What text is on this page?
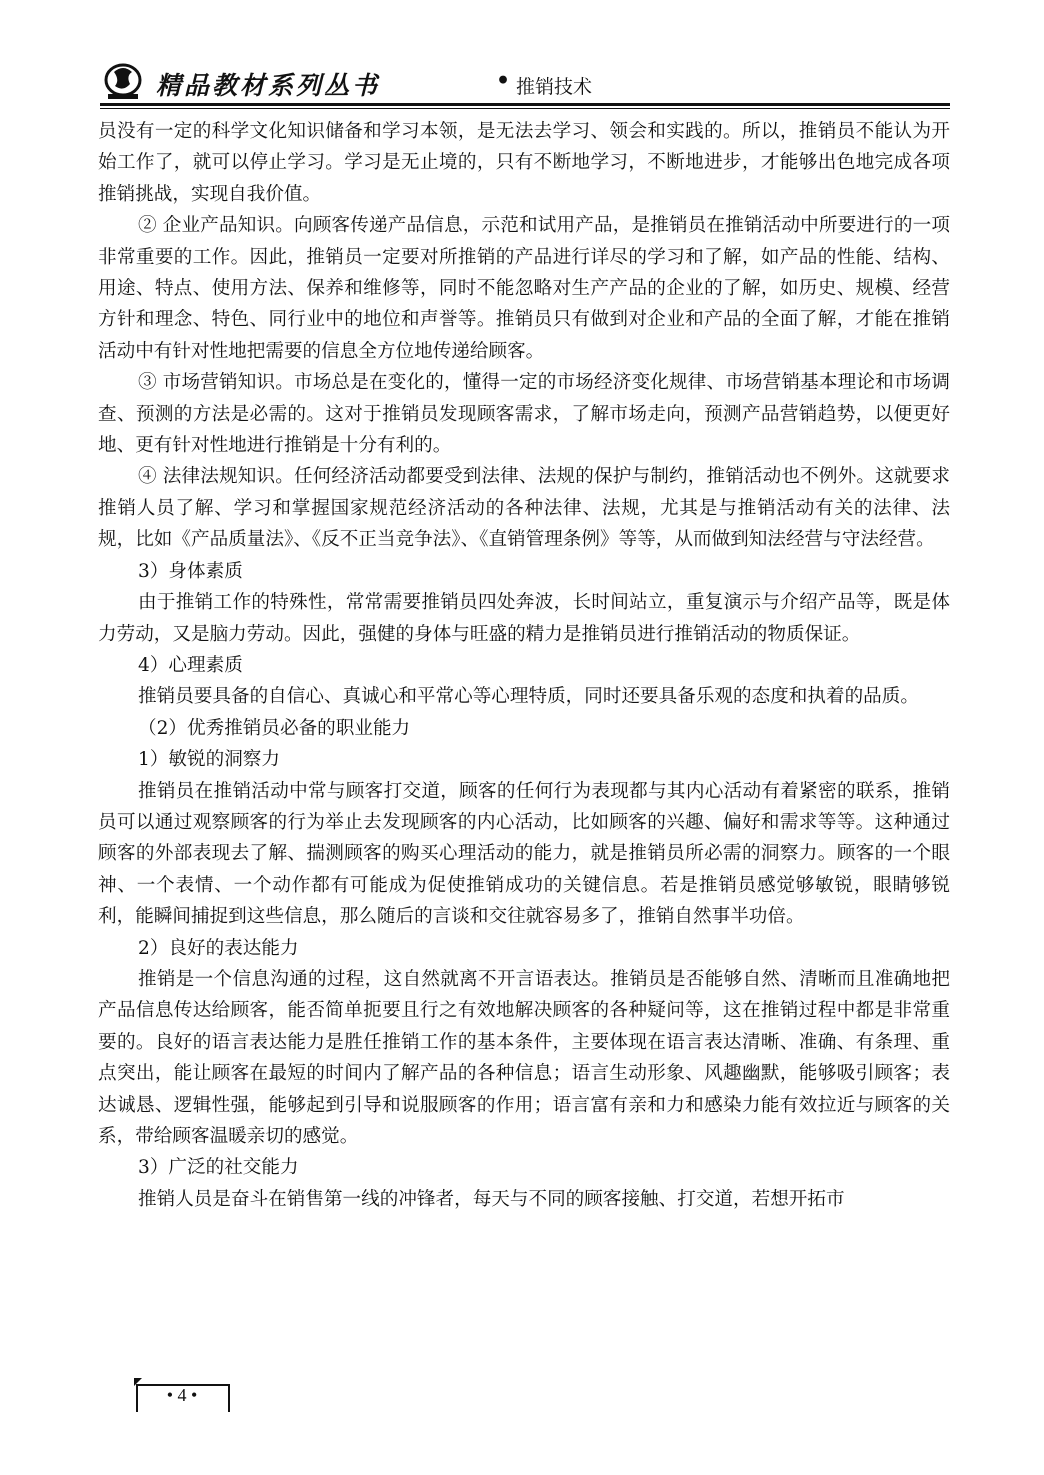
精品教材系列丛书	• 推销技术

员没有一定的科学文化知识储备和学习本领，是无法去学习、领会和实践的。所以，推销员不能认为开始工作了，就可以停止学习。学习是无止境的，只有不断地学习，不断地进步，才能够出色地完成各项推销挑战，实现自我价值。

② 企业产品知识。向顾客传递产品信息，示范和试用产品，是推销员在推销活动中所要进行的一项非常重要的工作。因此，推销员一定要对所推销的产品进行详尽的学习和了解，如产品的性能、结构、用途、特点、使用方法、保养和维修等，同时不能忽略对生产产品的企业的了解，如历史、规模、经营方针和理念、特色、同行业中的地位和声誉等。推销员只有做到对企业和产品的全面了解，才能在推销活动中有针对性地把需要的信息全方位地传递给顾客。

③ 市场营销知识。市场总是在变化的，懂得一定的市场经济变化规律、市场营销基本理论和市场调查、预测的方法是必需的。这对于推销员发现顾客需求，了解市场走向，预测产品营销趋势，以便更好地、更有针对性地进行推销是十分有利的。

④ 法律法规知识。任何经济活动都要受到法律、法规的保护与制约，推销活动也不例外。这就要求推销人员了解、学习和掌握国家规范经济活动的各种法律、法规，尤其是与推销活动有关的法律、法规，比如《产品质量法》、《反不正当竞争法》、《直销管理条例》等等，从而做到知法经营与守法经营。

3）身体素质

由于推销工作的特殊性，常常需要推销员四处奔波，长时间站立，重复演示与介绍产品等，既是体力劳动，又是脑力劳动。因此，强健的身体与旺盛的精力是推销员进行推销活动的物质保证。

4）心理素质

推销员要具备的自信心、真诚心和平常心等心理特质，同时还要具备乐观的态度和执着的品质。

（2）优秀推销员必备的职业能力

1）敏锐的洞察力

推销员在推销活动中常与顾客打交道，顾客的任何行为表现都与其内心活动有着紧密的联系，推销员可以通过观察顾客的行为举止去发现顾客的内心活动，比如顾客的兴趣、偏好和需求等等。这种通过顾客的外部表现去了解、揣测顾客的购买心理活动的能力，就是推销员所必需的洞察力。顾客的一个眼神、一个表情、一个动作都有可能成为促使推销成功的关键信息。若是推销员感觉够敏锐，眼睛够锐利，能瞬间捕捉到这些信息，那么随后的言谈和交往就容易多了，推销自然事半功倍。

2）良好的表达能力

推销是一个信息沟通的过程，这自然就离不开言语表达。推销员是否能够自然、清晰而且准确地把产品信息传达给顾客，能否简单扼要且行之有效地解决顾客的各种疑问等，这在推销过程中都是非常重要的。良好的语言表达能力是胜任推销工作的基本条件，主要体现在语言表达清晰、准确、有条理、重点突出，能让顾客在最短的时间内了解产品的各种信息；语言生动形象、风趣幽默，能够吸引顾客；表达诚恳、逻辑性强，能够起到引导和说服顾客的作用；语言富有亲和力和感染力能有效拉近与顾客的关系，带给顾客温暖亲切的感觉。

3）广泛的社交能力

推销人员是奋斗在销售第一线的冲锋者，每天与不同的顾客接触、打交道，若想开拓市

• 4 •
